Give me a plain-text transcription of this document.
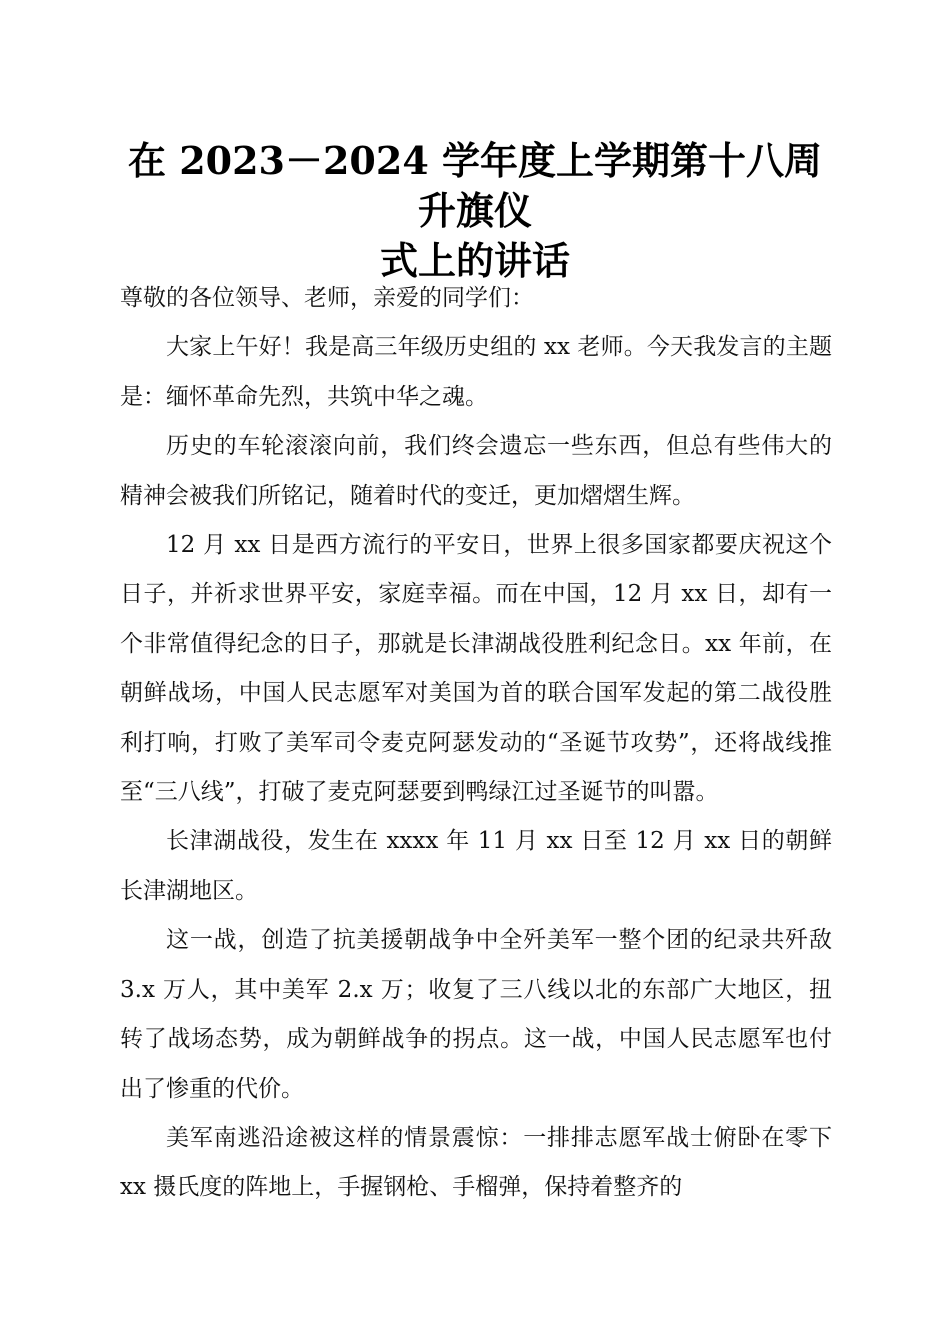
在 2023－2024 学年度上学期第十八周升旗仪
式上的讲话

尊敬的各位领导、老师，亲爱的同学们：

大家上午好！我是高三年级历史组的 xx 老师。今天我发言的主题是：缅怀革命先烈，共筑中华之魂。

历史的车轮滚滚向前，我们终会遗忘一些东西，但总有些伟大的精神会被我们所铭记，随着时代的变迁，更加熠熠生辉。

12 月 xx 日是西方流行的平安日，世界上很多国家都要庆祝这个日子，并祈求世界平安，家庭幸福。而在中国，12 月 xx 日，却有一个非常值得纪念的日子，那就是长津湖战役胜利纪念日。xx 年前，在朝鲜战场，中国人民志愿军对美国为首的联合国军发起的第二战役胜利打响，打败了美军司令麦克阿瑟发动的“圣诞节攻势”，还将战线推至“三八线”，打破了麦克阿瑟要到鸭绿江过圣诞节的叫嚣。

长津湖战役，发生在 xxxx 年 11 月 xx 日至 12 月 xx 日的朝鲜长津湖地区。

这一战，创造了抗美援朝战争中全歼美军一整个团的纪录共歼敌 3.x 万人，其中美军 2.x 万；收复了三八线以北的东部广大地区，扭转了战场态势，成为朝鲜战争的拐点。这一战，中国人民志愿军也付出了惨重的代价。

美军南逃沿途被这样的情景震惊：一排排志愿军战士俯卧在零下 xx 摄氏度的阵地上，手握钢枪、手榴弹，保持着整齐的
